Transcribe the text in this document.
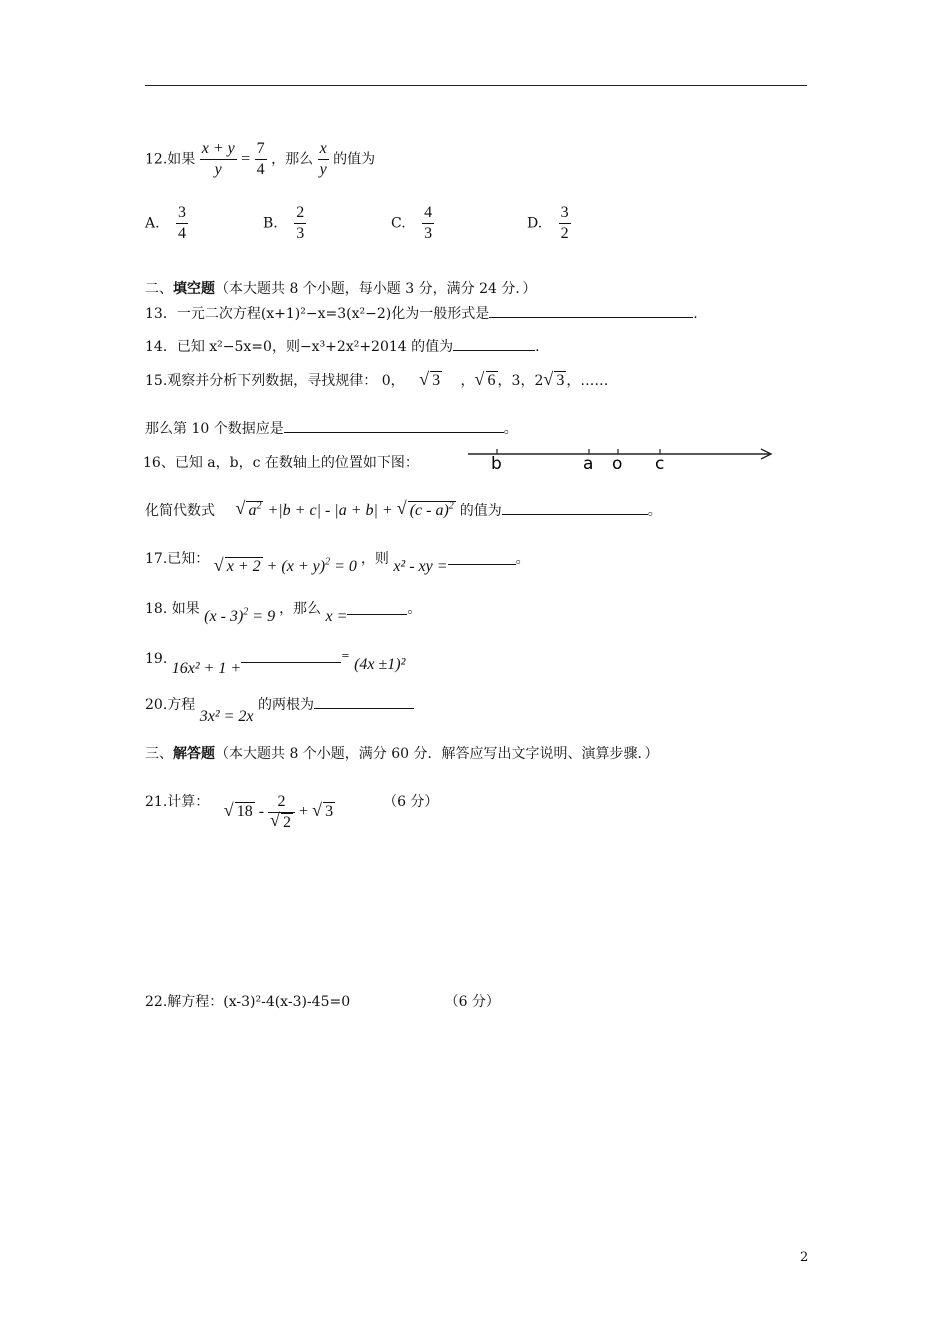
12.如果 $\frac{x + y}{y} = \frac{7}{4}$ ，那么 $\frac{x}{y}$ 的值为
A. $\frac{3}{4}$	B. $\frac{2}{3}$	C. $\frac{4}{3}$	D. $\frac{3}{2}$
二、填空题（本大题共 8 个小题，每小题 3 分，满分 24 分．）
13．一元二次方程(x+1)²−x=3(x²−2)化为一般形式是	.
14．已知 x²−5x=0，则−x³+2x²+2014 的值为	.
15.观察并分析下列数据，寻找规律： 0， √ 3 ， √ 6 ，3，2 √ 3 ，……
那么第 10 个数据应是	。
16、已知 a，b，c 在数轴上的位置如下图：	b	a o c
化简代数式 √ $a^2 +|b + c| - |a + b|$ + √ (c - a)$^2$ 的值为	。
17.已知： √ $x + 2 + (x + y)^2 = 0$ ，则 x² - xy =	。
18. 如果 (x - 3)$^2$ = 9 ，那么 x =	。
19. 16x² + 1 += (4x ±1)²
20.方程 3x² = 2x 的两根为
三、解答题（本大题共 8 个小题，满分 60 分．解答应写出文字说明、演算步骤．）
21.计算： √ 18 - 2
√ 2 + √ 3 （6 分）
22.解方程：(x-3)²-4(x-3)-45=0	（6 分）
2
